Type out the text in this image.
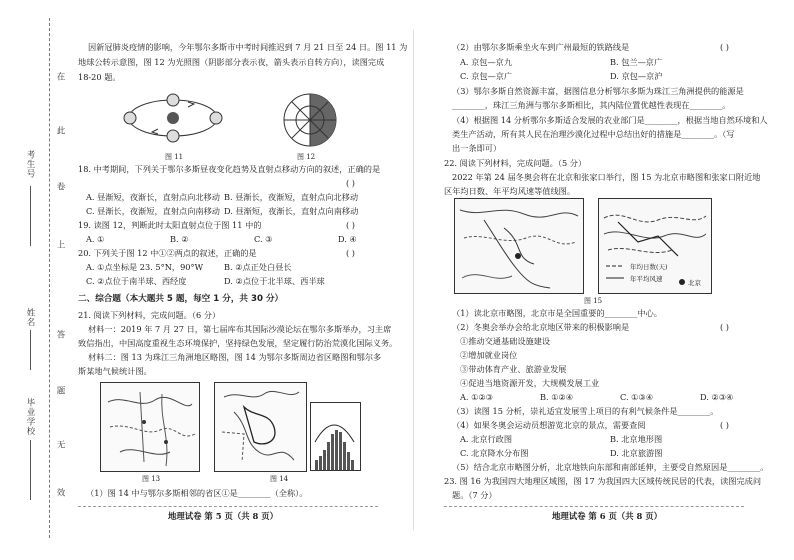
在
此
卷
上
答
题
无
效
考生号
姓名
毕业学校
因新冠肺炎疫情的影响，今年鄂尔多斯市中考时间推迟到 7 月 21 日至 24 日。图 11 为
地球公转示意图，图 12 为光照图（阴影部分表示夜，箭头表示自转方向），读图完成
18-20 题。
图 11	图 12
18. 中考期间，下列关于鄂尔多斯昼夜变化趋势及直射点移动方向的叙述，正确的是
( )
A. 昼渐短，夜渐长，直射点向北移动 B. 昼渐长，夜渐短，直射点向北移动
C. 昼渐长，夜渐短，直射点向南移动 D. 昼渐短，夜渐长，直射点向南移动
19. 读图 12，判断此时太阳直射点位于图 11 中的	( )
A. ①	B. ②	C. ③	D. ④
20. 下列关于图 12 中①②两点的叙述，正确的是	( )
A. ①点坐标是 23. 5°N，90°W	B. ②点正处白昼长
C. ②点位于南半球、西经度	D. ②点位于北半球、西半球
二、综合题（本大题共 5 题，每空 1 分，共 30 分）
21. 阅读下列材料，完成问题。（6 分）
材料一：2019 年 7 月 27 日，第七届库布其国际沙漠论坛在鄂尔多斯举办，习主席
致信指出，中国高度重视生态环境保护，坚持绿色发展，坚定履行防治荒漠化国际义务。
材料二：图 13 为珠江三角洲地区略图，图 14 为鄂尔多斯周边省区略图和鄂尔多
斯某地气候统计图。
图 13	图 14
（1）图 14 中与鄂尔多斯相邻的省区①是________（全称）。
地理试卷 第 5 页（共 8 页）
（2）由鄂尔多斯乘坐火车到广州最短的铁路线是	( )
A. 京包—京九	B. 包兰—京广
C. 京包—京广	D. 京包—京沪
（3）鄂尔多斯自然资源丰富，据图信息分析鄂尔多斯为珠江三角洲提供的能源是
________，珠江三角洲与鄂尔多斯相比，其内陆位置优越性表现在________。
（4）根据图 14 分析鄂尔多斯适合发展的农业部门是________，根据当地自然环境和人
类生产活动，所有其人民在治理沙漠化过程中总结出好的措施是________。（写
出一条即可）
22. 阅读下列材料，完成问题。（5 分）
2022 年第 24 届冬奥会将在北京和张家口举行，图 15 为北京市略图和张家口附近地
区年均日数、年平均风速等值线图。
年均日数(天)
年平均风速	北京
图 15
（1）读北京市略图，北京市是全国重要的________中心。
（2）冬奥会举办会给北京地区带来的积极影响是	( )
①推动交通基础设施建设
②增加就业岗位
③带动体育产业、旅游业发展
④促进当地资源开发，大规模发展工业
A. ①②③	B. ①②④	C. ①③④	D. ②③④
（3）读图 15 分析，崇礼适宜发展雪上项目的有利气候条件是________。
（4）如果冬奥会运动员想游览北京的景点，需要查阅	( )
A. 北京行政图	B. 北京地形图
C. 北京降水分布图	D. 北京旅游图
（5）结合北京市略图分析，北京地铁向东部和南部延伸，主要受自然原因是________。
23. 图 16 为我国四大地理区域图，图 17 为我国四大区域传统民居的代表，读图完成问
题。（7 分）
地理试卷 第 6 页（共 8 页）
